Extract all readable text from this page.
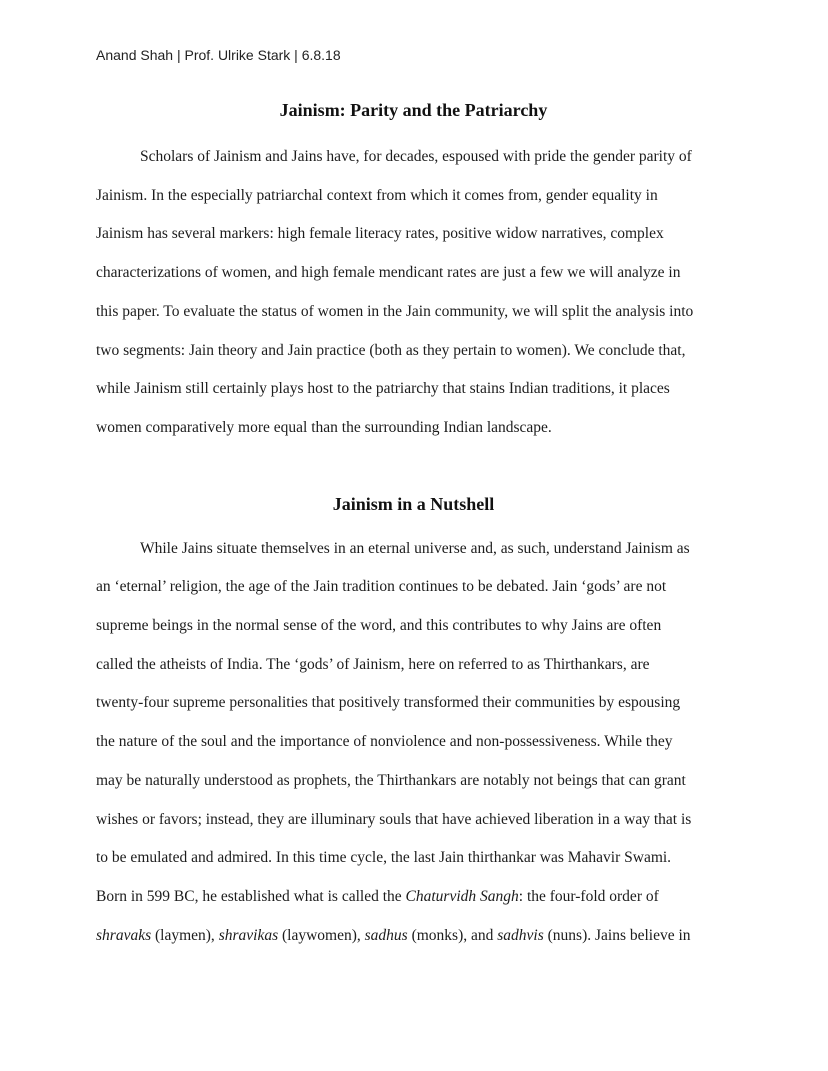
Anand Shah | Prof. Ulrike Stark | 6.8.18
Jainism: Parity and the Patriarchy
Scholars of Jainism and Jains have, for decades, espoused with pride the gender parity of
Jainism. In the especially patriarchal context from which it comes from, gender equality in
Jainism has several markers: high female literacy rates, positive widow narratives, complex
characterizations of women, and high female mendicant rates are just a few we will analyze in
this paper. To evaluate the status of women in the Jain community, we will split the analysis into
two segments: Jain theory and Jain practice (both as they pertain to women). We conclude that,
while Jainism still certainly plays host to the patriarchy that stains Indian traditions, it places
women comparatively more equal than the surrounding Indian landscape.
Jainism in a Nutshell
While Jains situate themselves in an eternal universe and, as such, understand Jainism as
an ‘eternal’ religion, the age of the Jain tradition continues to be debated. Jain ‘gods’ are not
supreme beings in the normal sense of the word, and this contributes to why Jains are often
called the atheists of India. The ‘gods’ of Jainism, here on referred to as Thirthankars, are
twenty-four supreme personalities that positively transformed their communities by espousing
the nature of the soul and the importance of nonviolence and non-possessiveness. While they
may be naturally understood as prophets, the Thirthankars are notably not beings that can grant
wishes or favors; instead, they are illuminary souls that have achieved liberation in a way that is
to be emulated and admired. In this time cycle, the last Jain thirthankar was Mahavir Swami.
Born in 599 BC, he established what is called the Chaturvidh Sangh: the four-fold order of
shravaks (laymen), shravikas (laywomen), sadhus (monks), and sadhvis (nuns). Jains believe in
